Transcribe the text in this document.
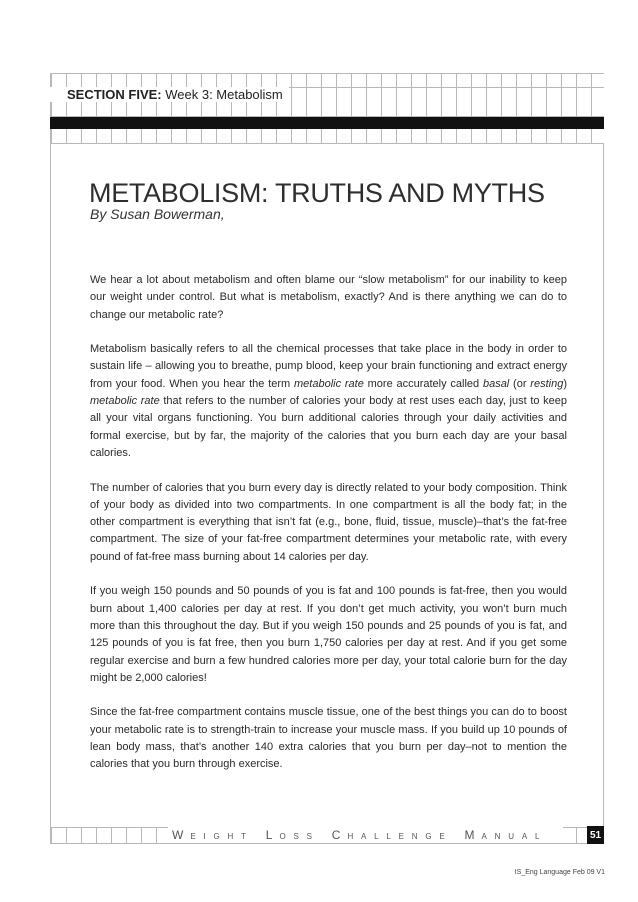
SECTION FIVE: Week 3: Metabolism
METABOLISM: TRUTHS AND MYTHS
By Susan Bowerman,

We hear a lot about metabolism and often blame our “slow metabolism” for our inability to keep our weight under control. But what is metabolism, exactly? And is there anything we can do to change our metabolic rate?

Metabolism basically refers to all the chemical processes that take place in the body in order to sustain life – allowing you to breathe, pump blood, keep your brain functioning and extract energy from your food. When you hear the term metabolic rate more accurately called basal (or resting) metabolic rate that refers to the number of calories your body at rest uses each day, just to keep all your vital organs functioning. You burn additional calories through your daily activities and formal exercise, but by far, the majority of the calories that you burn each day are your basal calories.

The number of calories that you burn every day is directly related to your body composition. Think of your body as divided into two compartments. In one compartment is all the body fat; in the other compartment is everything that isn’t fat (e.g., bone, fluid, tissue, muscle)–that’s the fat-free compartment. The size of your fat-free compartment determines your metabolic rate, with every pound of fat-free mass burning about 14 calories per day.

If you weigh 150 pounds and 50 pounds of you is fat and 100 pounds is fat-free, then you would burn about 1,400 calories per day at rest. If you don’t get much activity, you won’t burn much more than this throughout the day. But if you weigh 150 pounds and 25 pounds of you is fat, and 125 pounds of you is fat free, then you burn 1,750 calories per day at rest. And if you get some regular exercise and burn a few hundred calories more per day, your total calorie burn for the day might be 2,000 calories!

Since the fat-free compartment contains muscle tissue, one of the best things you can do to boost your metabolic rate is to strength-train to increase your muscle mass. If you build up 10 pounds of lean body mass, that’s another 140 extra calories that you burn per day–not to mention the calories that you burn through exercise.

WEIGHT LOSS CHALLENGE MANUAL	51
IS_Eng Language Feb 09 V1
